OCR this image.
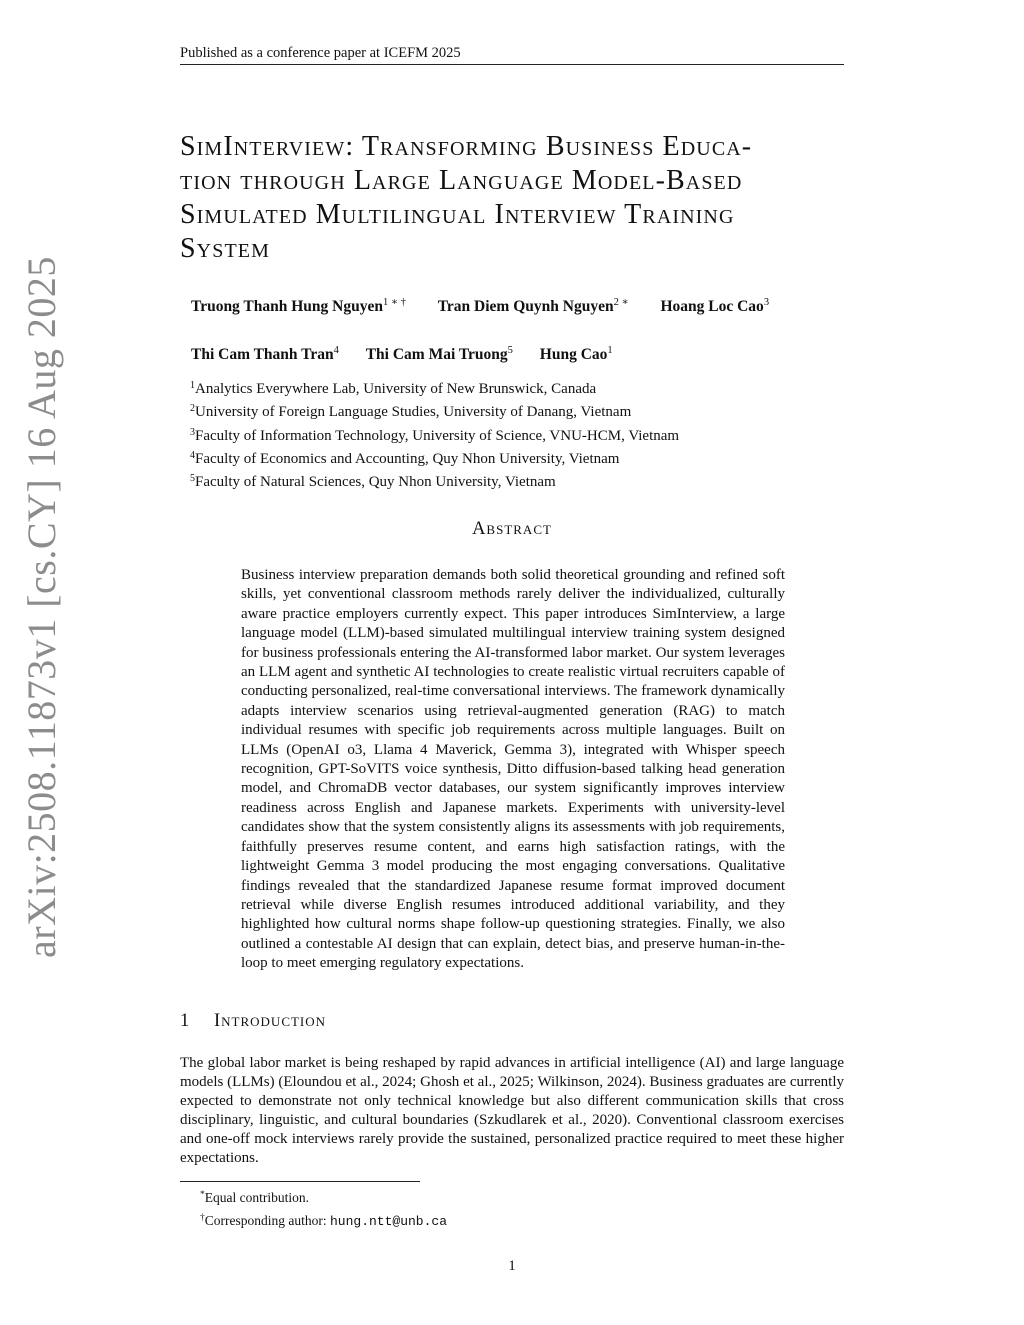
Published as a conference paper at ICEFM 2025
arXiv:2508.11873v1 [cs.CY] 16 Aug 2025
SimInterview: Transforming Business Educa-
tion through Large Language Model-Based
Simulated Multilingual Interview Training
System
Truong Thanh Hung Nguyen$^{1 ∗ \dagger}$ Tran Diem Quynh Nguyen$^{2 ∗}$ Hoang Loc Cao$^3$
Thi Cam Thanh Tran$^4$ Thi Cam Mai Truong$^5$ Hung Cao$^1$
$^1$Analytics Everywhere Lab, University of New Brunswick, Canada
$^2$University of Foreign Language Studies, University of Danang, Vietnam
$^3$Faculty of Information Technology, University of Science, VNU-HCM, Vietnam
$^4$Faculty of Economics and Accounting, Quy Nhon University, Vietnam
$^5$Faculty of Natural Sciences, Quy Nhon University, Vietnam
Abstract

Business interview preparation demands both solid theoretical grounding and refined soft skills, yet conventional classroom methods rarely deliver the individualized, culturally aware practice employers currently expect. This paper introduces SimInterview, a large language model (LLM)-based simulated multilingual interview training system designed for business professionals entering the AI-transformed labor market. Our system leverages an LLM agent and synthetic AI technologies to create realistic virtual recruiters capable of conducting personalized, real-time conversational interviews. The framework dynamically adapts interview scenarios using retrieval-augmented generation (RAG) to match individual resumes with specific job requirements across multiple languages. Built on LLMs (OpenAI o3, Llama 4 Maverick, Gemma 3), integrated with Whisper speech recognition, GPT-SoVITS voice synthesis, Ditto diffusion-based talking head generation model, and ChromaDB vector databases, our system significantly improves interview readiness across English and Japanese markets. Experiments with university-level candidates show that the system consistently aligns its assessments with job requirements, faithfully preserves resume content, and earns high satisfaction ratings, with the lightweight Gemma 3 model producing the most engaging conversations. Qualitative findings revealed that the standardized Japanese resume format improved document retrieval while diverse English resumes introduced additional variability, and they highlighted how cultural norms shape follow-up questioning strategies. Finally, we also outlined a contestable AI design that can explain, detect bias, and preserve human-in-the-loop to meet emerging regulatory expectations.

1 Introduction

The global labor market is being reshaped by rapid advances in artificial intelligence (AI) and large language models (LLMs) (Eloundou et al., 2024; Ghosh et al., 2025; Wilkinson, 2024). Business graduates are currently expected to demonstrate not only technical knowledge but also different communication skills that cross disciplinary, linguistic, and cultural boundaries (Szkudlarek et al., 2020). Conventional classroom exercises and one-off mock interviews rarely provide the sustained, personalized practice required to meet these higher expectations.

*Equal contribution.
†Corresponding author: hung.ntt@unb.ca
1
